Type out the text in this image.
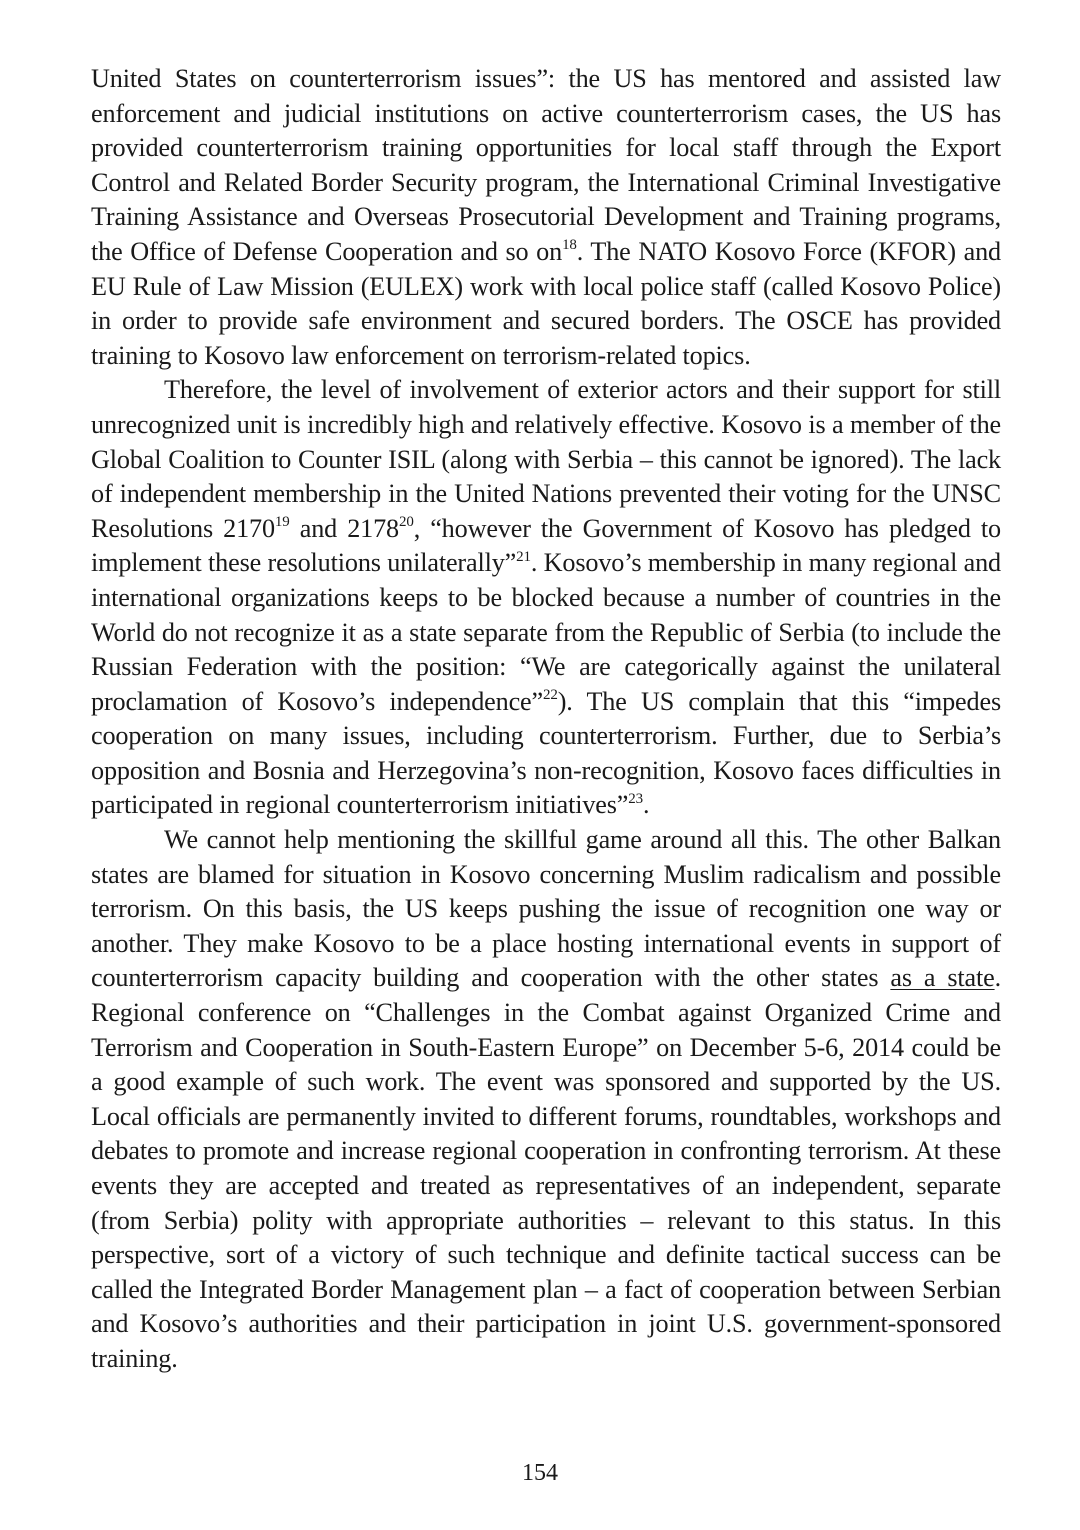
United States on counterterrorism issues”: the US has mentored and assisted law enforcement and judicial institutions on active counterterrorism cases, the US has provided counterterrorism training opportunities for local staff through the Export Control and Related Border Security program, the International Criminal Investigative Training Assistance and Overseas Prosecutorial Development and Training programs, the Office of Defense Cooperation and so $on^{18}$. The NATO Kosovo Force (KFOR) and EU Rule of Law Mission (EULEX) work with local police staff (called Kosovo Police) in order to provide safe environment and secured borders. The OSCE has provided training to Kosovo law enforcement on terrorism-related topics.

Therefore, the level of involvement of exterior actors and their support for still unrecognized unit is incredibly high and relatively effective. Kosovo is a member of the Global Coalition to Counter ISIL (along with Serbia – this cannot be ignored). The lack of independent membership in the United Nations prevented their voting for the UNSC Resolutions 2170$^{19}$ and 2178$^{20}$, “however the Government of Kosovo has pledged to implement these resolutions unilaterally”$^{21}$. Kosovo’s membership in many regional and international organizations keeps to be blocked because a number of countries in the World do not recognize it as a state separate from the Republic of Serbia (to include the Russian Federation with the position: “We are categorically against the unilateral proclamation of Kosovo’s independence”$^{22}$). The US complain that this “impedes cooperation on many issues, including counterterrorism. Further, due to Serbia’s opposition and Bosnia and Herzegovina’s non-recognition, Kosovo faces difficulties in participated in regional counterterrorism initiatives”$^{23}$.

We cannot help mentioning the skillful game around all this. The other Balkan states are blamed for situation in Kosovo concerning Muslim radicalism and possible terrorism. On this basis, the US keeps pushing the issue of recognition one way or another. They make Kosovo to be a place hosting international events in support of counterterrorism capacity building and cooperation with the other states as a state. Regional conference on “Challenges in the Combat against Organized Crime and Terrorism and Cooperation in South-Eastern Europe” on December 5-6, 2014 could be a good example of such work. The event was sponsored and supported by the US. Local officials are permanently invited to different forums, roundtables, workshops and debates to promote and increase regional cooperation in confronting terrorism. At these events they are accepted and treated as representatives of an independent, separate (from Serbia) polity with appropriate authorities – relevant to this status. In this perspective, sort of a victory of such technique and definite tactical success can be called the Integrated Border Management plan – a fact of cooperation between Serbian and Kosovo’s authorities and their participation in joint U.S. government-sponsored training.

154
